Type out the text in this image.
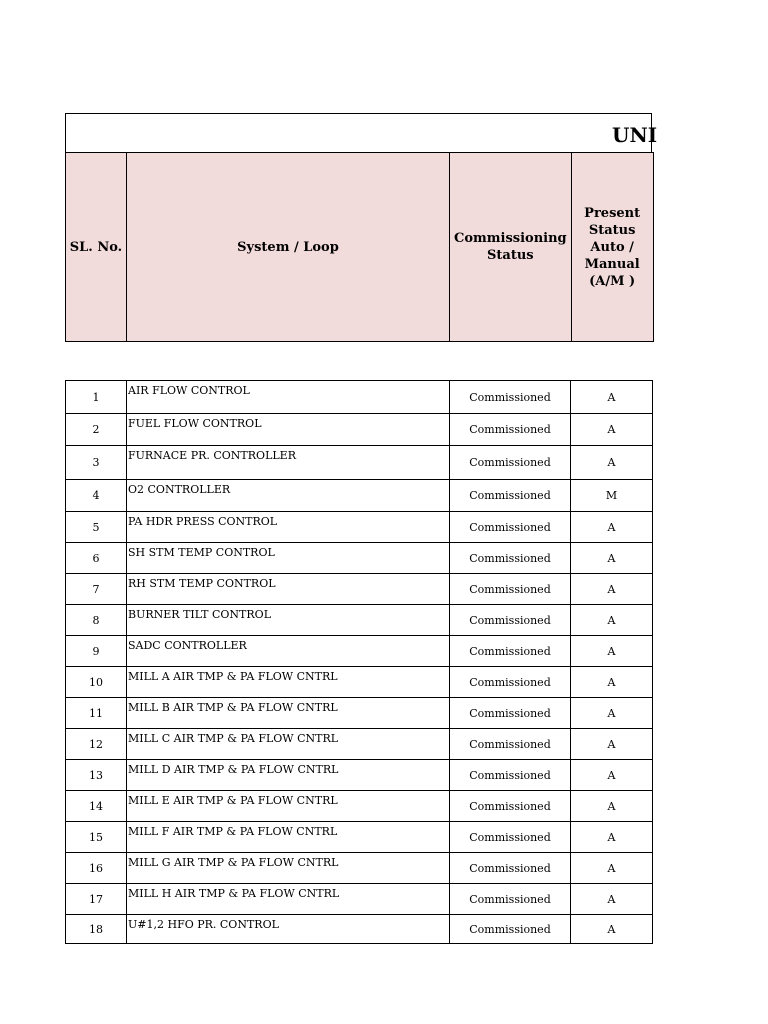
UNI
SL. No.	System / Loop	Commissioning Status	Present Status Auto / Manual (A/M )
1	AIR FLOW CONTROL	Commissioned	A
2	FUEL FLOW CONTROL	Commissioned	A
3	FURNACE PR. CONTROLLER	Commissioned	A
4	O2 CONTROLLER	Commissioned	M
5	PA HDR PRESS CONTROL	Commissioned	A
6	SH STM TEMP CONTROL	Commissioned	A
7	RH STM TEMP CONTROL	Commissioned	A
8	BURNER TILT CONTROL	Commissioned	A
9	SADC CONTROLLER	Commissioned	A
10	MILL A AIR TMP & PA FLOW CNTRL	Commissioned	A
11	MILL B AIR TMP & PA FLOW CNTRL	Commissioned	A
12	MILL C AIR TMP & PA FLOW CNTRL	Commissioned	A
13	MILL D AIR TMP & PA FLOW CNTRL	Commissioned	A
14	MILL E AIR TMP & PA FLOW CNTRL	Commissioned	A
15	MILL F AIR TMP & PA FLOW CNTRL	Commissioned	A
16	MILL G AIR TMP & PA FLOW CNTRL	Commissioned	A
17	MILL H AIR TMP & PA FLOW CNTRL	Commissioned	A
18	U#1,2 HFO PR. CONTROL	Commissioned	A
